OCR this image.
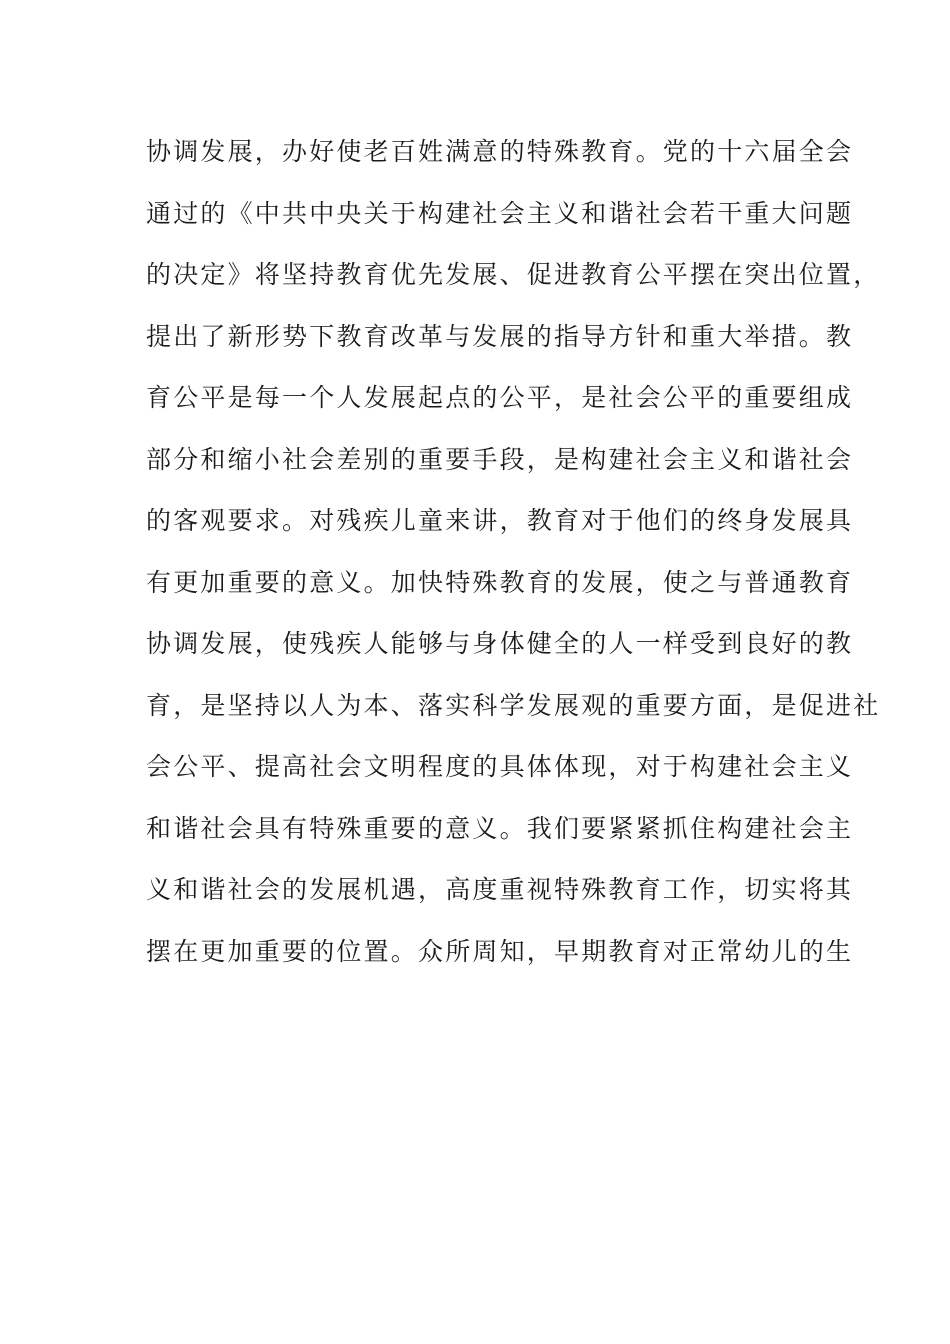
协调发展，办好使老百姓满意的特殊教育。党的十六届全会
通过的《中共中央关于构建社会主义和谐社会若干重大问题
的决定》将坚持教育优先发展、促进教育公平摆在突出位置，
提出了新形势下教育改革与发展的指导方针和重大举措。教
育公平是每一个人发展起点的公平，是社会公平的重要组成
部分和缩小社会差别的重要手段，是构建社会主义和谐社会
的客观要求。对残疾儿童来讲，教育对于他们的终身发展具
有更加重要的意义。加快特殊教育的发展，使之与普通教育
协调发展，使残疾人能够与身体健全的人一样受到良好的教
育，是坚持以人为本、落实科学发展观的重要方面，是促进社
会公平、提高社会文明程度的具体体现，对于构建社会主义
和谐社会具有特殊重要的意义。我们要紧紧抓住构建社会主
义和谐社会的发展机遇，高度重视特殊教育工作，切实将其
摆在更加重要的位置。众所周知，早期教育对正常幼儿的生
